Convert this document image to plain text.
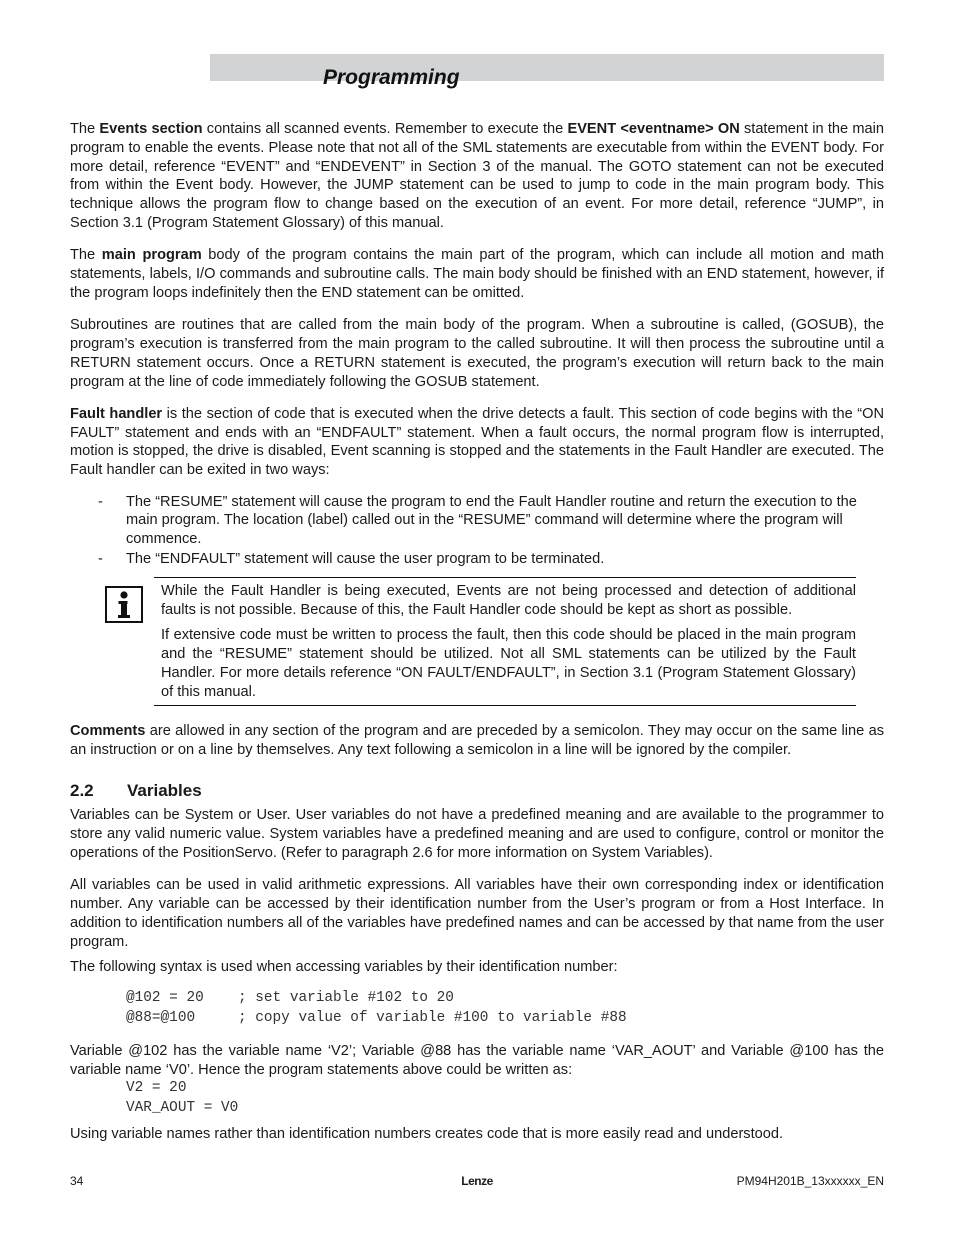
Programming

The Events section contains all scanned events. Remember to execute the EVENT <eventname> ON statement in the main program to enable the events. Please note that not all of the SML statements are executable from within the EVENT body. For more detail, reference “EVENT” and “ENDEVENT” in Section 3 of the manual. The GOTO statement can not be executed from within the Event body. However, the JUMP statement can be used to jump to code in the main program body. This technique allows the program flow to change based on the execution of an event. For more detail, reference “JUMP”, in Section 3.1 (Program Statement Glossary) of this manual.

The main program body of the program contains the main part of the program, which can include all motion and math statements, labels, I/O commands and subroutine calls. The main body should be finished with an END statement, however, if the program loops indefinitely then the END statement can be omitted.

Subroutines are routines that are called from the main body of the program. When a subroutine is called, (GOSUB), the program’s execution is transferred from the main program to the called subroutine. It will then process the subroutine until a RETURN statement occurs. Once a RETURN statement is executed, the program’s execution will return back to the main program at the line of code immediately following the GOSUB statement.

Fault handler is the section of code that is executed when the drive detects a fault. This section of code begins with the “ON FAULT” statement and ends with an “ENDFAULT” statement. When a fault occurs, the normal program flow is interrupted, motion is stopped, the drive is disabled, Event scanning is stopped and the statements in the Fault Handler are executed. The Fault handler can be exited in two ways:

- The “RESUME” statement will cause the program to end the Fault Handler routine and return the execution to the main program. The location (label) called out in the “RESUME” command will determine where the program will commence.
- The “ENDFAULT” statement will cause the user program to be terminated.

While the Fault Handler is being executed, Events are not being processed and detection of additional faults is not possible. Because of this, the Fault Handler code should be kept as short as possible.

If extensive code must be written to process the fault, then this code should be placed in the main program and the “RESUME” statement should be utilized. Not all SML statements can be utilized by the Fault Handler. For more details reference “ON FAULT/ENDFAULT”, in Section 3.1 (Program Statement Glossary) of this manual.

Comments are allowed in any section of the program and are preceded by a semicolon. They may occur on the same line as an instruction or on a line by themselves. Any text following a semicolon in a line will be ignored by the compiler.

2.2 Variables

Variables can be System or User. User variables do not have a predefined meaning and are available to the programmer to store any valid numeric value. System variables have a predefined meaning and are used to configure, control or monitor the operations of the PositionServo. (Refer to paragraph 2.6 for more information on System Variables).

All variables can be used in valid arithmetic expressions. All variables have their own corresponding index or identification number. Any variable can be accessed by their identification number from the User’s program or from a Host Interface. In addition to identification numbers all of the variables have predefined names and can be accessed by that name from the user program.

The following syntax is used when accessing variables by their identification number:

@102 = 20 ; set variable #102 to 20
@88=@100	; copy value of variable #100 to variable #88

Variable @102 has the variable name ‘V2’; Variable @88 has the variable name ‘VAR_AOUT’ and Variable @100 has the variable name ‘V0’. Hence the program statements above could be written as:

V2 = 20
VAR_AOUT = V0

Using variable names rather than identification numbers creates code that is more easily read and understood.

34	Lenze	PM94H201B_13xxxxxx_EN
